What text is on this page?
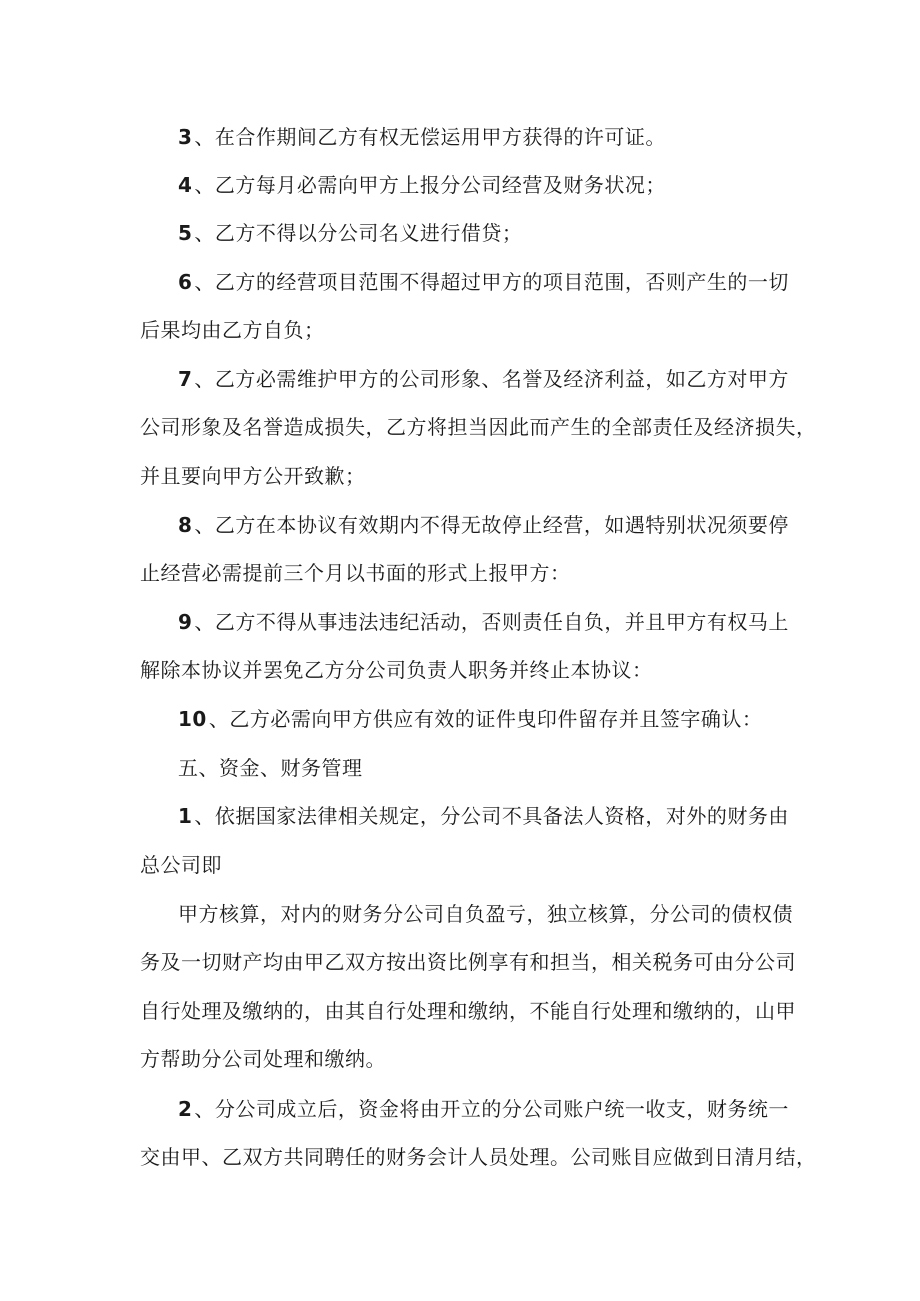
3 、在合作期间乙方有权无偿运用甲方获得的许可证。
4 、乙方每月必需向甲方上报分公司经营及财务状况；
5 、乙方不得以分公司名义进行借贷；
6 、乙方的经营项目范围不得超过甲方的项目范围，否则产生的一切
后果均由乙方自负；
7 、乙方必需维护甲方的公司形象、名誉及经济利益，如乙方对甲方
公司形象及名誉造成损失，乙方将担当因此而产生的全部责任及经济损失，
并且要向甲方公开致歉；
8 、乙方在本协议有效期内不得无故停止经营，如遇特别状况须要停
止经营必需提前三个月以书面的形式上报甲方：
9 、乙方不得从事违法违纪活动，否则责任自负，并且甲方有权马上
解除本协议并罢免乙方分公司负责人职务并终止本协议：
10 、乙方必需向甲方供应有效的证件曳印件留存并且签字确认：
五、资金、财务管理
1 、依据国家法律相关规定，分公司不具备法人资格，对外的财务由
总公司即
甲方核算，对内的财务分公司自负盈亏，独立核算，分公司的债权债
务及一切财产均由甲乙双方按出资比例享有和担当，相关税务可由分公司
自行处理及缴纳的，由其自行处理和缴纳，不能自行处理和缴纳的，山甲
方帮助分公司处理和缴纳。
2 、分公司成立后，资金将由开立的分公司账户统一收支，财务统一
交由甲、乙双方共同聘任的财务会计人员处理。公司账目应做到日清月结，
